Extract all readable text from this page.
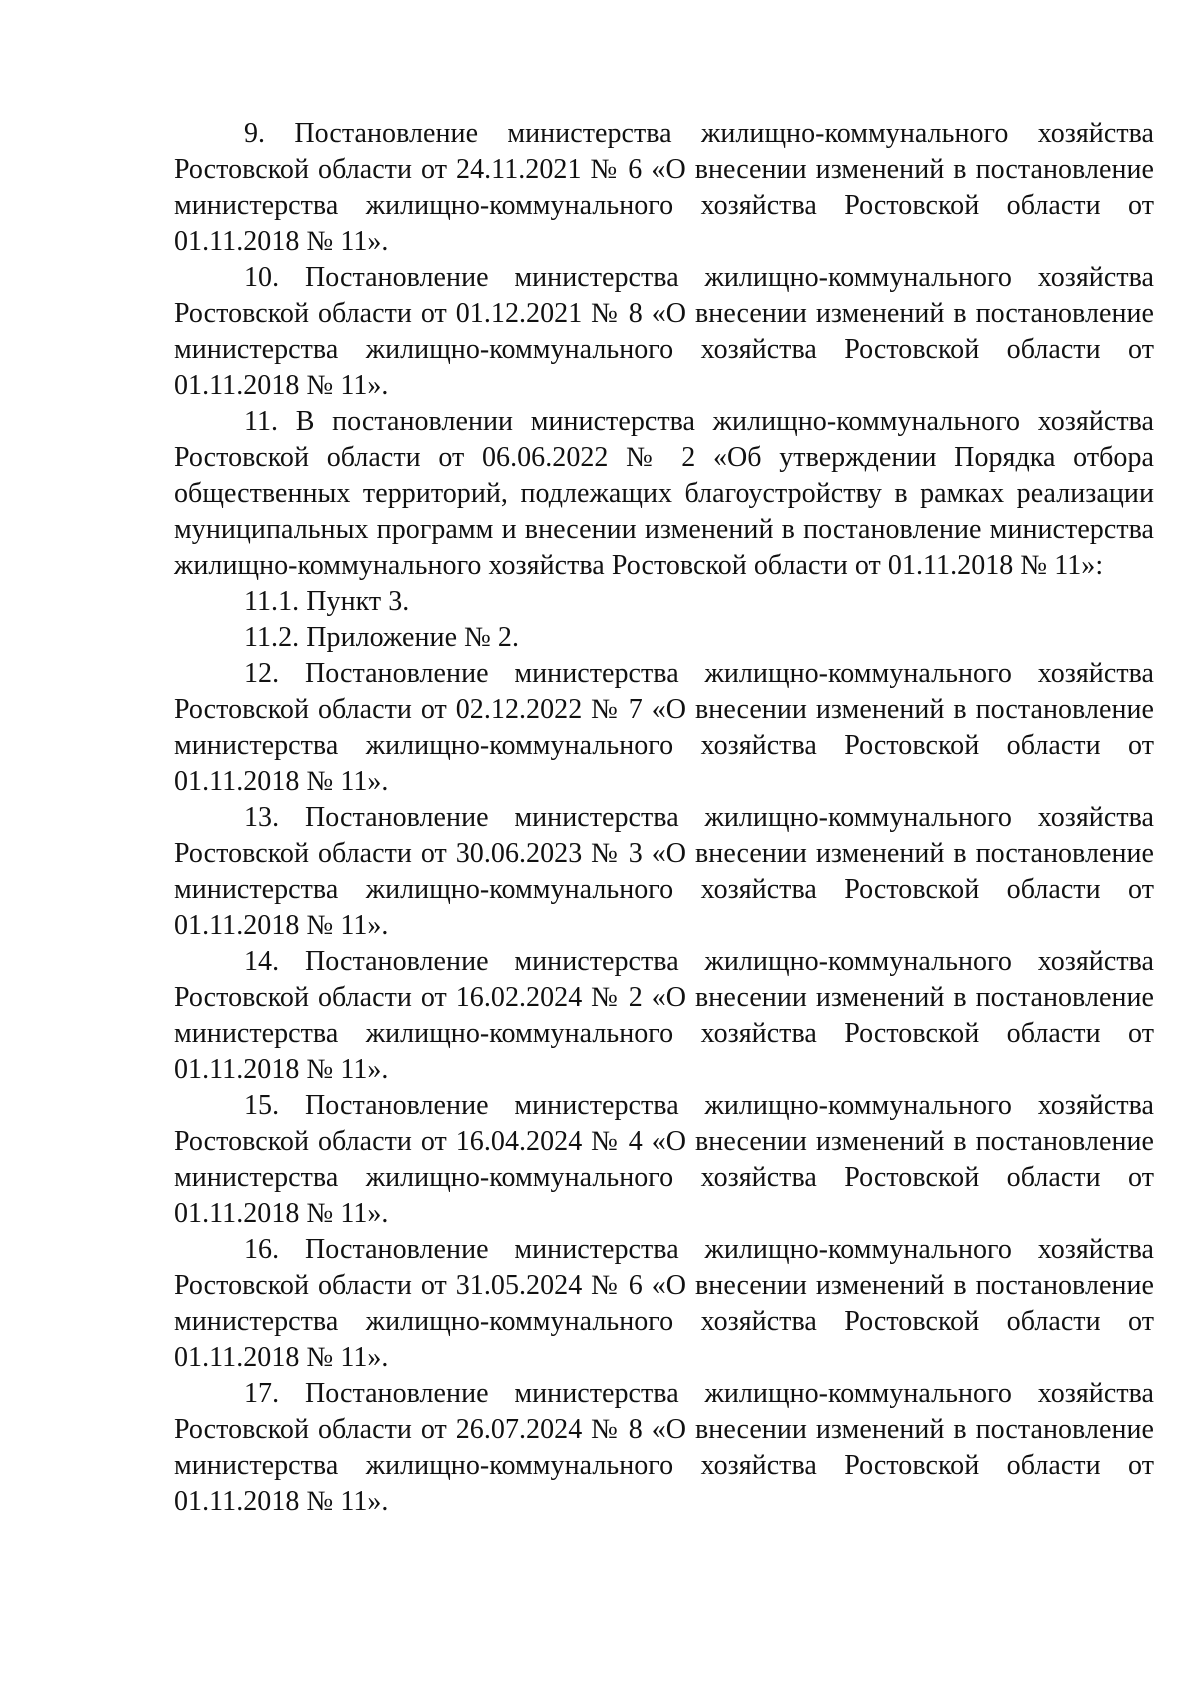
9. Постановление министерства жилищно-коммунального хозяйства Ростовской области от 24.11.2021 № 6 «О внесении изменений в постановление министерства жилищно-коммунального хозяйства Ростовской области от 01.11.2018 № 11».

10. Постановление министерства жилищно-коммунального хозяйства Ростовской области от 01.12.2021 № 8 «О внесении изменений в постановление министерства жилищно-коммунального хозяйства Ростовской области от 01.11.2018 № 11».

11. В постановлении министерства жилищно-коммунального хозяйства Ростовской области от 06.06.2022 № 2 «Об утверждении Порядка отбора общественных территорий, подлежащих благоустройству в рамках реализации муниципальных программ и внесении изменений в постановление министерства жилищно-коммунального хозяйства Ростовской области от 01.11.2018 № 11»:

11.1. Пункт 3.

11.2. Приложение № 2.

12. Постановление министерства жилищно-коммунального хозяйства Ростовской области от 02.12.2022 № 7 «О внесении изменений в постановление министерства жилищно-коммунального хозяйства Ростовской области от 01.11.2018 № 11».

13. Постановление министерства жилищно-коммунального хозяйства Ростовской области от 30.06.2023 № 3 «О внесении изменений в постановление министерства жилищно-коммунального хозяйства Ростовской области от 01.11.2018 № 11».

14. Постановление министерства жилищно-коммунального хозяйства Ростовской области от 16.02.2024 № 2 «О внесении изменений в постановление министерства жилищно-коммунального хозяйства Ростовской области от 01.11.2018 № 11».

15. Постановление министерства жилищно-коммунального хозяйства Ростовской области от 16.04.2024 № 4 «О внесении изменений в постановление министерства жилищно-коммунального хозяйства Ростовской области от 01.11.2018 № 11».

16. Постановление министерства жилищно-коммунального хозяйства Ростовской области от 31.05.2024 № 6 «О внесении изменений в постановление министерства жилищно-коммунального хозяйства Ростовской области от 01.11.2018 № 11».

17. Постановление министерства жилищно-коммунального хозяйства Ростовской области от 26.07.2024 № 8 «О внесении изменений в постановление министерства жилищно-коммунального хозяйства Ростовской области от 01.11.2018 № 11».
